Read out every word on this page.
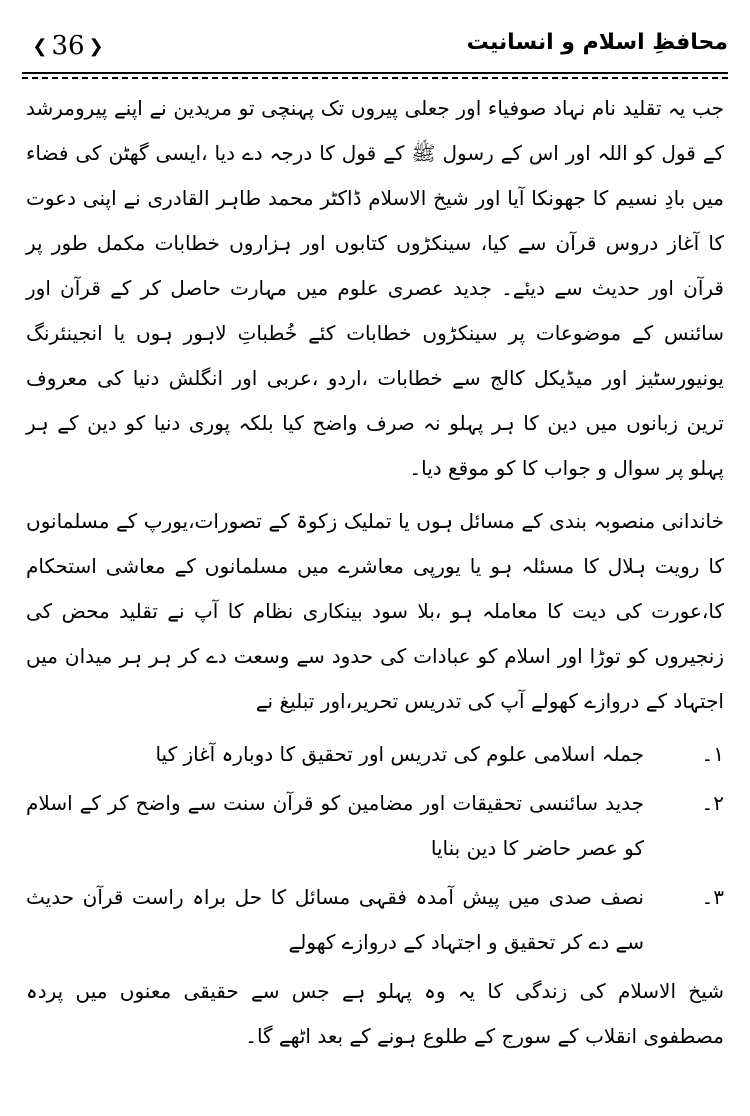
❮ 36 ❯	محافظِ اسلام و انسانیت

جب یہ تقلید نام نہاد صوفیاء اور جعلی پیروں تک پہنچی تو مریدین نے اپنے پیرومرشد کے قول کو اللہ اور اس کے رسول ﷺ کے قول کا درجہ دے دیا ،ایسی گھٹن کی فضاء میں بادِ نسیم کا جھونکا آیا اور شیخ الاسلام ڈاکٹر محمد طاہر القادری نے اپنی دعوت کا آغاز دروس قرآن سے کیا، سینکڑوں کتابوں اور ہزاروں خطابات مکمل طور پر قرآن اور حدیث سے دیئے۔ جدید عصری علوم میں مہارت حاصل کر کے قرآن اور سائنس کے موضوعات پر سینکڑوں خطابات کئے خُطباتِ لاہور ہوں یا انجینئرنگ یونیورسٹیز اور میڈیکل کالج سے خطابات ،اردو ،عربی اور انگلش دنیا کی معروف ترین زبانوں میں دین کا ہر پہلو نہ صرف واضح کیا بلکہ پوری دنیا کو دین کے ہر پہلو پر سوال و جواب کا کو موقع دیا۔

خاندانی منصوبہ بندی کے مسائل ہوں یا تملیک زکوۃ کے تصورات،یورپ کے مسلمانوں کا رویت ہلال کا مسئلہ ہو یا یورپی معاشرے میں مسلمانوں کے معاشی استحکام کا،عورت کی دیت کا معاملہ ہو ،بلا سود بینکاری نظام کا آپ نے تقلید محض کی زنجیروں کو توڑا اور اسلام کو عبادات کی حدود سے وسعت دے کر ہر ہر میدان میں اجتہاد کے دروازے کھولے آپ کی تدریس تحریر،اور تبلیغ نے

۱۔
جملہ اسلامی علوم کی تدریس اور تحقیق کا دوبارہ آغاز کیا
۲۔
جدید سائنسی تحقیقات اور مضامین کو قرآن سنت سے واضح کر کے اسلام کو عصر حاضر کا دین بنایا
۳۔
نصف صدی میں پیش آمدہ فقہی مسائل کا حل براہ راست قرآن حدیث سے دے کر تحقیق و اجتہاد کے دروازے کھولے

شیخ الاسلام کی زندگی کا یہ وہ پہلو ہے جس سے حقیقی معنوں میں پردہ مصطفوی انقلاب کے سورج کے طلوع ہونے کے بعد اٹھے گا۔
